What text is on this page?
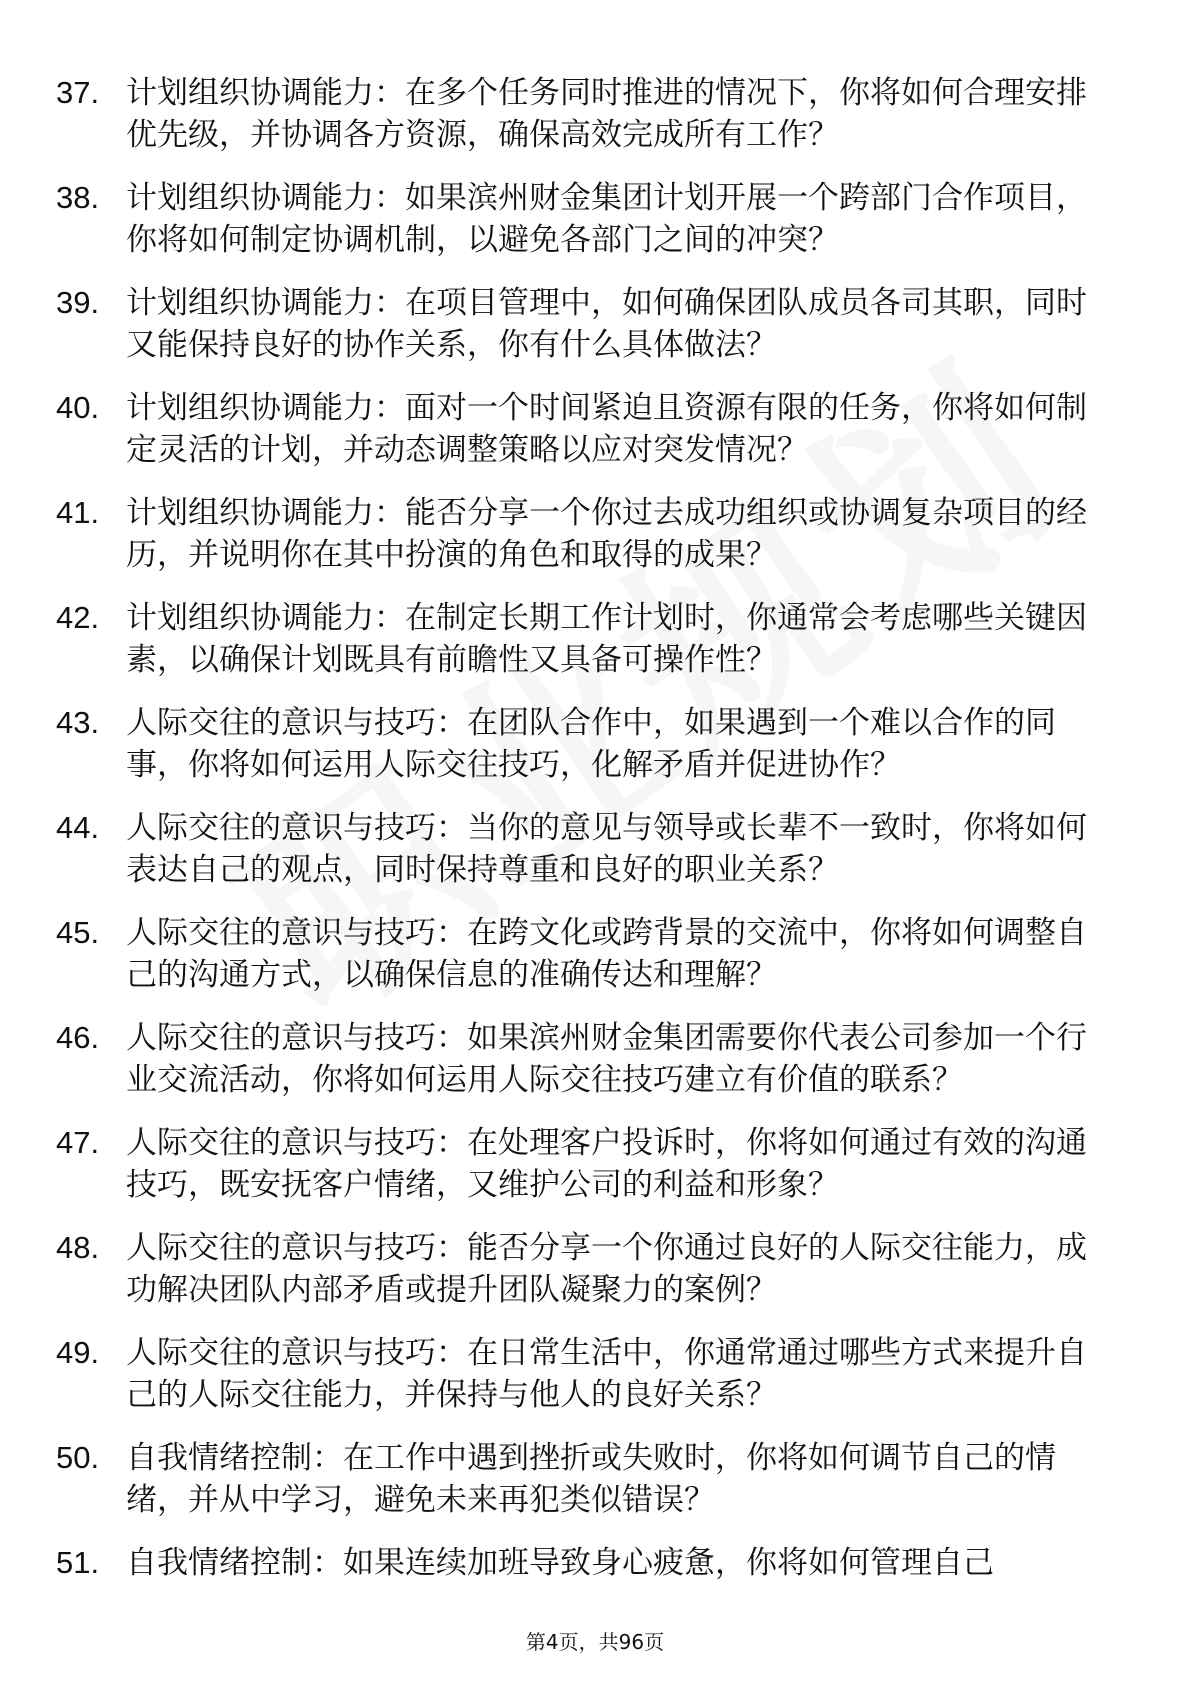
37. 计划组织协调能力：在多个任务同时推进的情况下，你将如何合理安排优先级，并协调各方资源，确保高效完成所有工作？
38. 计划组织协调能力：如果滨州财金集团计划开展一个跨部门合作项目，你将如何制定协调机制，以避免各部门之间的冲突？
39. 计划组织协调能力：在项目管理中，如何确保团队成员各司其职，同时又能保持良好的协作关系，你有什么具体做法？
40. 计划组织协调能力：面对一个时间紧迫且资源有限的任务，你将如何制定灵活的计划，并动态调整策略以应对突发情况？
41. 计划组织协调能力：能否分享一个你过去成功组织或协调复杂项目的经历，并说明你在其中扮演的角色和取得的成果？
42. 计划组织协调能力：在制定长期工作计划时，你通常会考虑哪些关键因素，以确保计划既具有前瞻性又具备可操作性？
43. 人际交往的意识与技巧：在团队合作中，如果遇到一个难以合作的同事，你将如何运用人际交往技巧，化解矛盾并促进协作？
44. 人际交往的意识与技巧：当你的意见与领导或长辈不一致时，你将如何表达自己的观点，同时保持尊重和良好的职业关系？
45. 人际交往的意识与技巧：在跨文化或跨背景的交流中，你将如何调整自己的沟通方式，以确保信息的准确传达和理解？
46. 人际交往的意识与技巧：如果滨州财金集团需要你代表公司参加一个行业交流活动，你将如何运用人际交往技巧建立有价值的联系？
47. 人际交往的意识与技巧：在处理客户投诉时，你将如何通过有效的沟通技巧，既安抚客户情绪，又维护公司的利益和形象？
48. 人际交往的意识与技巧：能否分享一个你通过良好的人际交往能力，成功解决团队内部矛盾或提升团队凝聚力的案例？
49. 人际交往的意识与技巧：在日常生活中，你通常通过哪些方式来提升自己的人际交往能力，并保持与他人的良好关系？
50. 自我情绪控制：在工作中遇到挫折或失败时，你将如何调节自己的情绪，并从中学习，避免未来再犯类似错误？
51. 自我情绪控制：如果连续加班导致身心疲惫，你将如何管理自己
第4页，共96页
